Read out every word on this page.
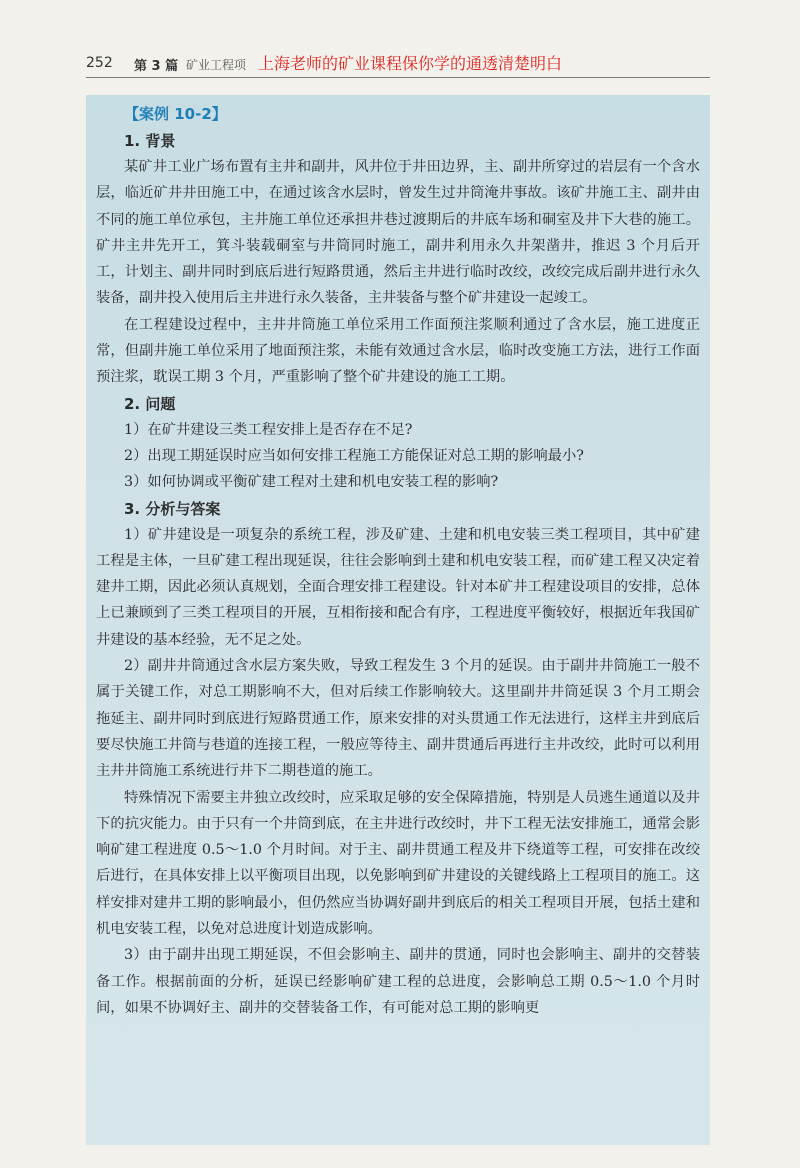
252 第 3 篇 矿业工程项 上海老师的矿业课程保你学的通透清楚明白
【案例 10-2】
1. 背景

某矿井工业广场布置有主井和副井，风井位于井田边界，主、副井所穿过的岩层有一个含水层，临近矿井井田施工中，在通过该含水层时，曾发生过井筒淹井事故。该矿井施工主、副井由不同的施工单位承包，主井施工单位还承担井巷过渡期后的井底车场和硐室及井下大巷的施工。矿井主井先开工，箕斗装载硐室与井筒同时施工，副井利用永久井架凿井，推迟 3 个月后开工，计划主、副井同时到底后进行短路贯通，然后主井进行临时改绞，改绞完成后副井进行永久装备，副井投入使用后主井进行永久装备，主井装备与整个矿井建设一起竣工。

在工程建设过程中，主井井筒施工单位采用工作面预注浆顺利通过了含水层，施工进度正常，但副井施工单位采用了地面预注浆，未能有效通过含水层，临时改变施工方法，进行工作面预注浆，耽误工期 3 个月，严重影响了整个矿井建设的施工工期。

2. 问题

1）在矿井建设三类工程安排上是否存在不足?

2）出现工期延误时应当如何安排工程施工方能保证对总工期的影响最小?

3）如何协调或平衡矿建工程对土建和机电安装工程的影响?

3. 分析与答案

1）矿井建设是一项复杂的系统工程，涉及矿建、土建和机电安装三类工程项目，其中矿建工程是主体，一旦矿建工程出现延误，往往会影响到土建和机电安装工程，而矿建工程又决定着建井工期，因此必须认真规划，全面合理安排工程建设。针对本矿井工程建设项目的安排，总体上已兼顾到了三类工程项目的开展，互相衔接和配合有序，工程进度平衡较好，根据近年我国矿井建设的基本经验，无不足之处。

2）副井井筒通过含水层方案失败，导致工程发生 3 个月的延误。由于副井井筒施工一般不属于关键工作，对总工期影响不大，但对后续工作影响较大。这里副井井筒延误 3 个月工期会拖延主、副井同时到底进行短路贯通工作，原来安排的对头贯通工作无法进行，这样主井到底后要尽快施工井筒与巷道的连接工程，一般应等待主、副井贯通后再进行主井改绞，此时可以利用主井井筒施工系统进行井下二期巷道的施工。

特殊情况下需要主井独立改绞时，应采取足够的安全保障措施，特别是人员逃生通道以及井下的抗灾能力。由于只有一个井筒到底，在主井进行改绞时，井下工程无法安排施工，通常会影响矿建工程进度 0.5～1.0 个月时间。对于主、副井贯通工程及井下绕道等工程，可安排在改绞后进行，在具体安排上以平衡项目出现，以免影响到矿井建设的关键线路上工程项目的施工。这样安排对建井工期的影响最小，但仍然应当协调好副井到底后的相关工程项目开展，包括土建和机电安装工程，以免对总进度计划造成影响。

3）由于副井出现工期延误，不但会影响主、副井的贯通，同时也会影响主、副井的交替装备工作。根据前面的分析，延误已经影响矿建工程的总进度，会影响总工期 0.5～1.0 个月时间，如果不协调好主、副井的交替装备工作，有可能对总工期的影响更
